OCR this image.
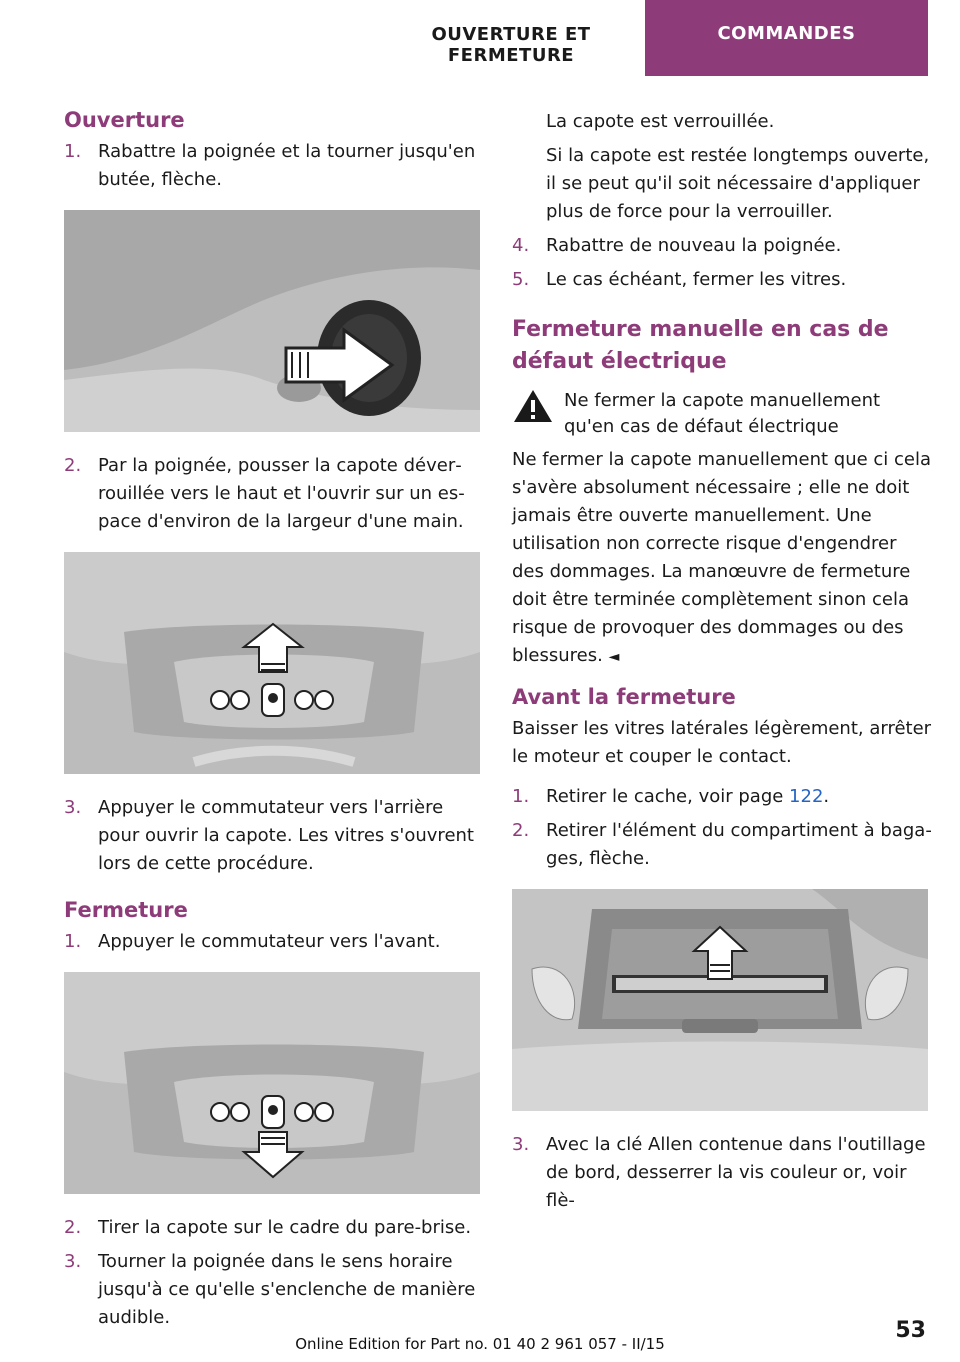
OUVERTURE ET FERMETURE
COMMANDES
Ouverture
1. Rabattre la poignée et la tourner jusqu'en butée, flèche.
2. Par la poignée, pousser la capote déverrouillée vers le haut et l'ouvrir sur un espace d'environ de la largeur d'une main.
3. Appuyer le commutateur vers l'arrière pour ouvrir la capote. Les vitres s'ouvrent lors de cette procédure.
Fermeture
1. Appuyer le commutateur vers l'avant.
2. Tirer la capote sur le cadre du pare-brise.
3. Tourner la poignée dans le sens horaire jusqu'à ce qu'elle s'enclenche de manière audible.
La capote est verrouillée.
Si la capote est restée longtemps ouverte, il se peut qu'il soit nécessaire d'appliquer plus de force pour la verrouiller.
4. Rabattre de nouveau la poignée.
5. Le cas échéant, fermer les vitres.
Fermeture manuelle en cas de défaut électrique
Ne fermer la capote manuellement qu'en cas de défaut électrique
Ne fermer la capote manuellement que ci cela s'avère absolument nécessaire ; elle ne doit jamais être ouverte manuellement. Une utilisation non correcte risque d'engendrer des dommages. La manœuvre de fermeture doit être terminée complètement sinon cela risque de provoquer des dommages ou des blessures. ◄
Avant la fermeture
Baisser les vitres latérales légèrement, arrêter le moteur et couper le contact.
1. Retirer le cache, voir page 122.
2. Retirer l'élément du compartiment à bagages, flèche.
3. Avec la clé Allen contenue dans l'outillage de bord, desserrer la vis couleur or, voir flè-
53
Online Edition for Part no. 01 40 2 961 057 - II/15
